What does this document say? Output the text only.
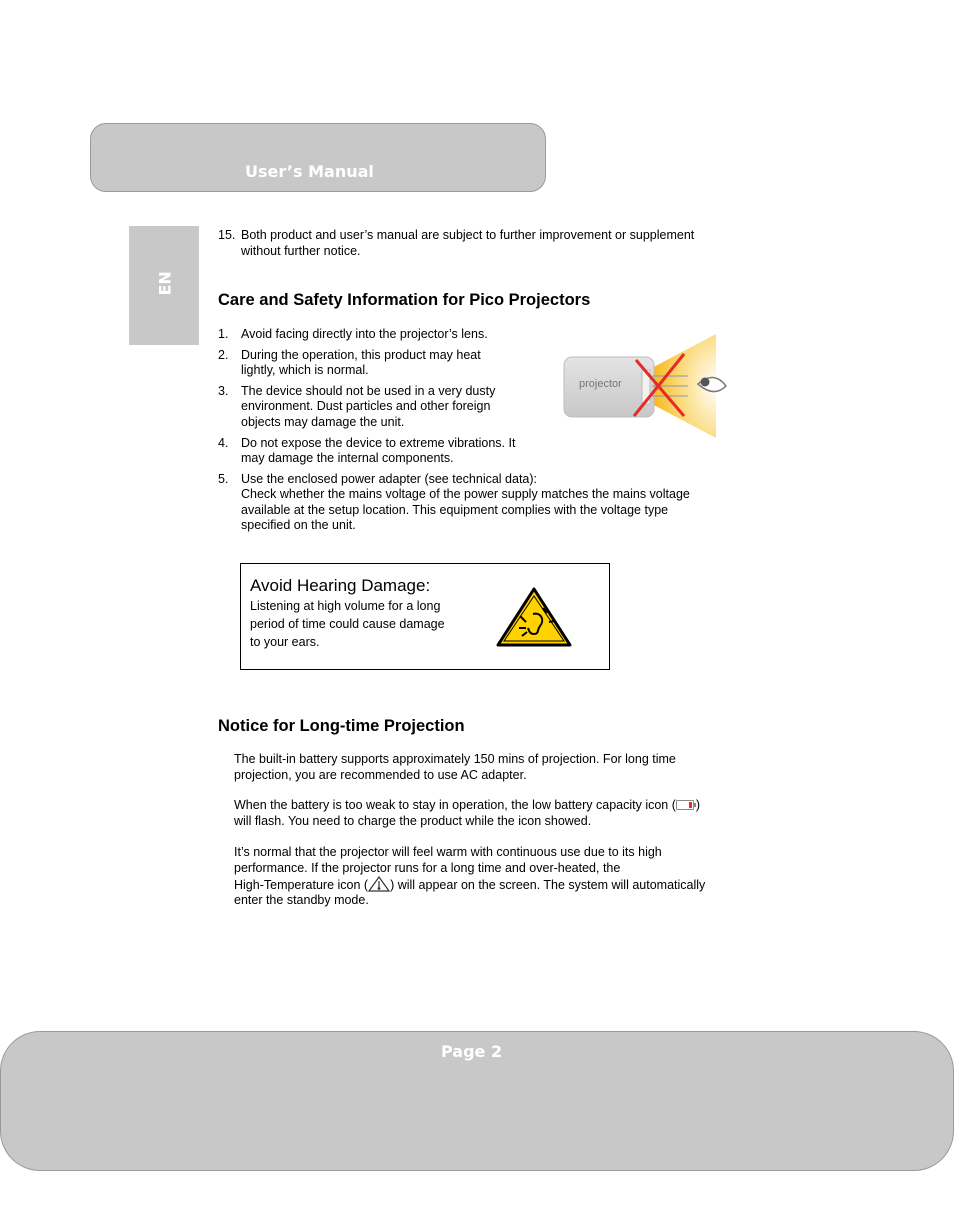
User’s Manual
EN
15. Both product and user’s manual are subject to further improvement or supplement
without further notice.
Care and Safety Information for Pico Projectors
1. Avoid facing directly into the projector’s lens.
2. During the operation, this product may heat
lightly, which is normal.
3. The device should not be used in a very dusty
environment. Dust particles and other foreign
objects may damage the unit.
4. Do not expose the device to extreme vibrations. It
may damage the internal components.
5. Use the enclosed power adapter (see technical data):
Check whether the mains voltage of the power supply matches the mains voltage
available at the setup location. This equipment complies with the voltage type
specified on the unit.
projector
Avoid Hearing Damage:
Listening at high volume for a long
period of time could cause damage
to your ears.
Notice for Long-time Projection
The built-in battery supports approximately 150 mins of projection. For long time
projection, you are recommended to use AC adapter.
When the battery is too weak to stay in operation, the low battery capacity icon ( )
will flash. You need to charge the product while the icon showed.
It’s normal that the projector will feel warm with continuous use due to its high
performance. If the projector runs for a long time and over-heated, the
High-Temperature icon ( ) will appear on the screen. The system will automatically
enter the standby mode.
Page 2
